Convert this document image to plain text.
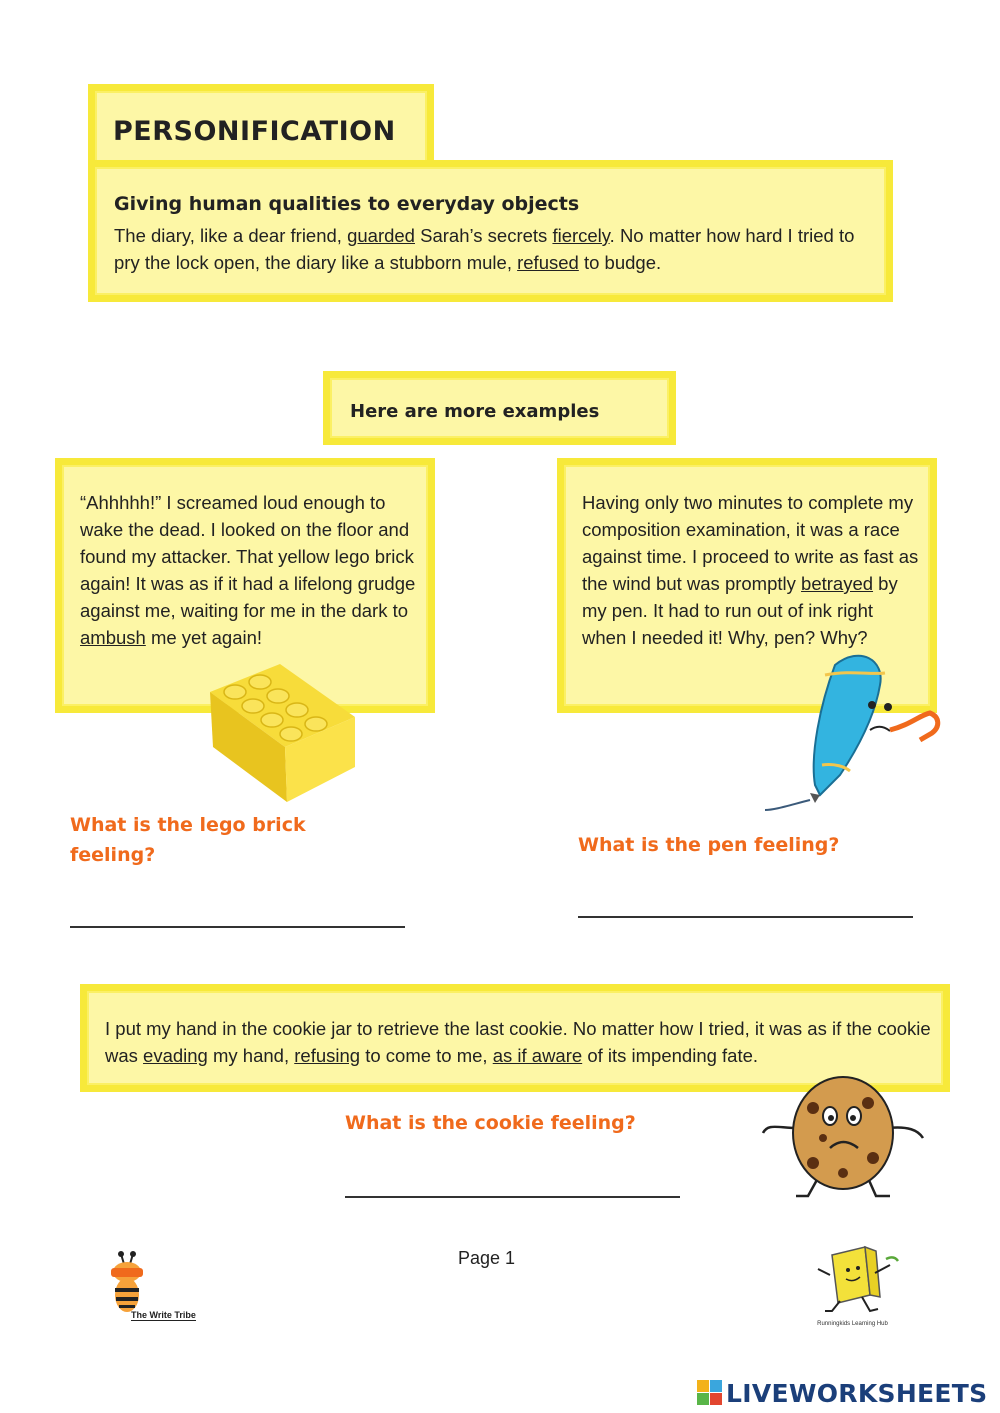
PERSONIFICATION
Giving human qualities to everyday objects
The diary, like a dear friend, guarded Sarah’s secrets fiercely. No matter how hard I tried to pry the lock open, the diary like a stubborn mule, refused to budge.
Here are more examples
“Ahhhhh!” I screamed loud enough to wake the dead. I looked on the floor and found my attacker. That yellow lego brick again! It was as if it had a lifelong grudge against me, waiting for me in the dark to ambush me yet again!
Having only two minutes to complete my composition examination, it was a race against time. I proceed to write as fast as the wind but was promptly betrayed by my pen. It had to run out of ink right when I needed it! Why, pen? Why?
What is the lego brick feeling?	What is the pen feeling?
I put my hand in the cookie jar to retrieve the last cookie. No matter how I tried, it was as if the cookie was evading my hand, refusing to come to me, as if aware of its impending fate.
What is the cookie feeling?
Page 1
The Write Tribe
Runningkids Learning Hub
LIVEWORKSHEETS
